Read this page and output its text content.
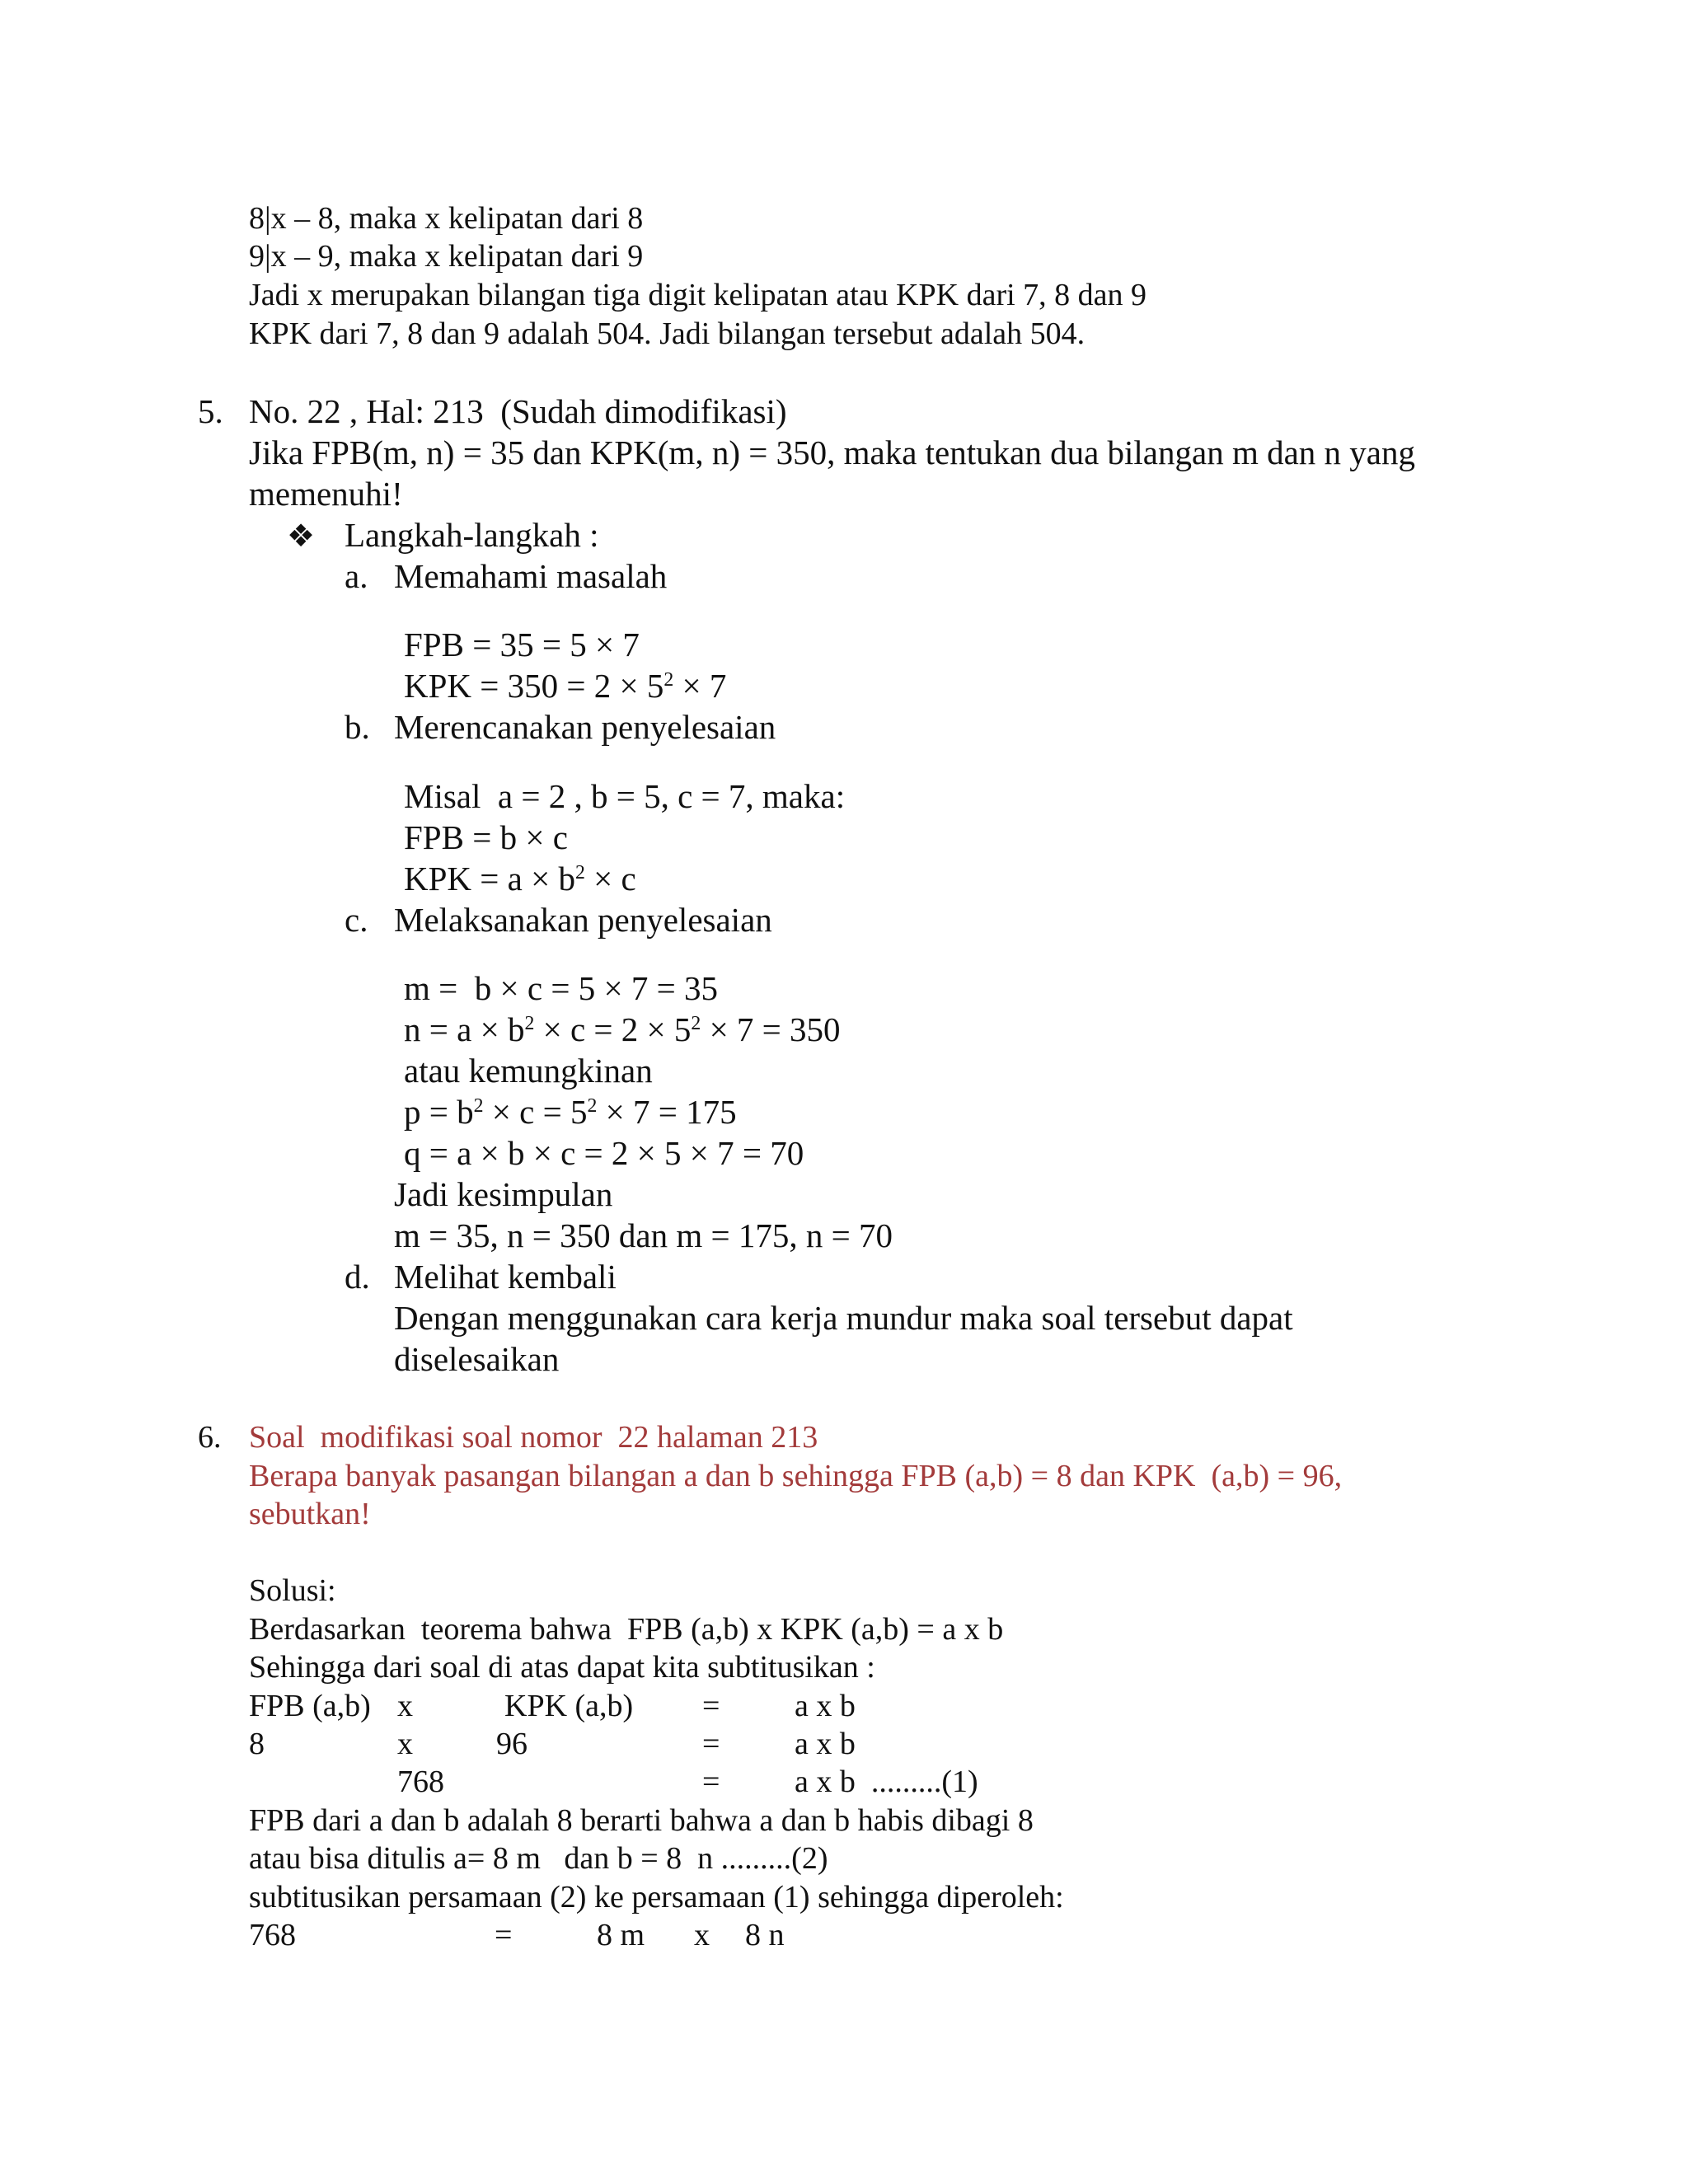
8|x – 8, maka x kelipatan dari 8
9|x – 9, maka x kelipatan dari 9
Jadi x merupakan bilangan tiga digit kelipatan atau KPK dari 7, 8 dan 9
KPK dari 7, 8 dan 9 adalah 504. Jadi bilangan tersebut adalah 504.
5. No. 22 , Hal: 213  (Sudah dimodifikasi)
Jika FPB(m, n) = 35 dan KPK(m, n) = 350, maka tentukan dua bilangan m dan n yang
memenuhi!
❖ Langkah-langkah :
a. Memahami masalah
FPB = 35 = 5 × 7
KPK = $350 = 2 \times 5^2 \times 7$
b. Merencanakan penyelesaian
Misal  a = 2 , b = 5, c = 7, maka:
FPB = b × c
KPK = $a \times b^2 \times c$
c. Melaksanakan penyelesaian
m =  b × c = 5 × 7 = 35
$n = a \times b^2 \times c = 2 \times 5^2 \times 7 = 350$
atau kemungkinan
$p = b^2 \times c = 5^2 \times 7 = 175$
q = a × b × c = 2 × 5 × 7 = 70
Jadi kesimpulan
m = 35, n = 350 dan m = 175, n = 70
d. Melihat kembali
Dengan menggunakan cara kerja mundur maka soal tersebut dapat
diselesaikan
6. Soal  modifikasi soal nomor  22 halaman 213
Berapa banyak pasangan bilangan a dan b sehingga FPB (a,b) = 8 dan KPK  (a,b) = 96,
sebutkan!
Solusi:
Berdasarkan  teorema bahwa  FPB (a,b) x KPK (a,b) = a x b
Sehingga dari soal di atas dapat kita subtitusikan :
FPB (a,b) x	KPK (a,b) = a x b
8	x	96	= a x b
768	= a x b  .........(1)
FPB dari a dan b adalah 8 berarti bahwa a dan b habis dibagi 8
atau bisa ditulis a= 8 m   dan b = 8  n .........(2)
subtitusikan persamaan (2) ke persamaan (1) sehingga diperoleh:
768	=	8 m x 8 n
